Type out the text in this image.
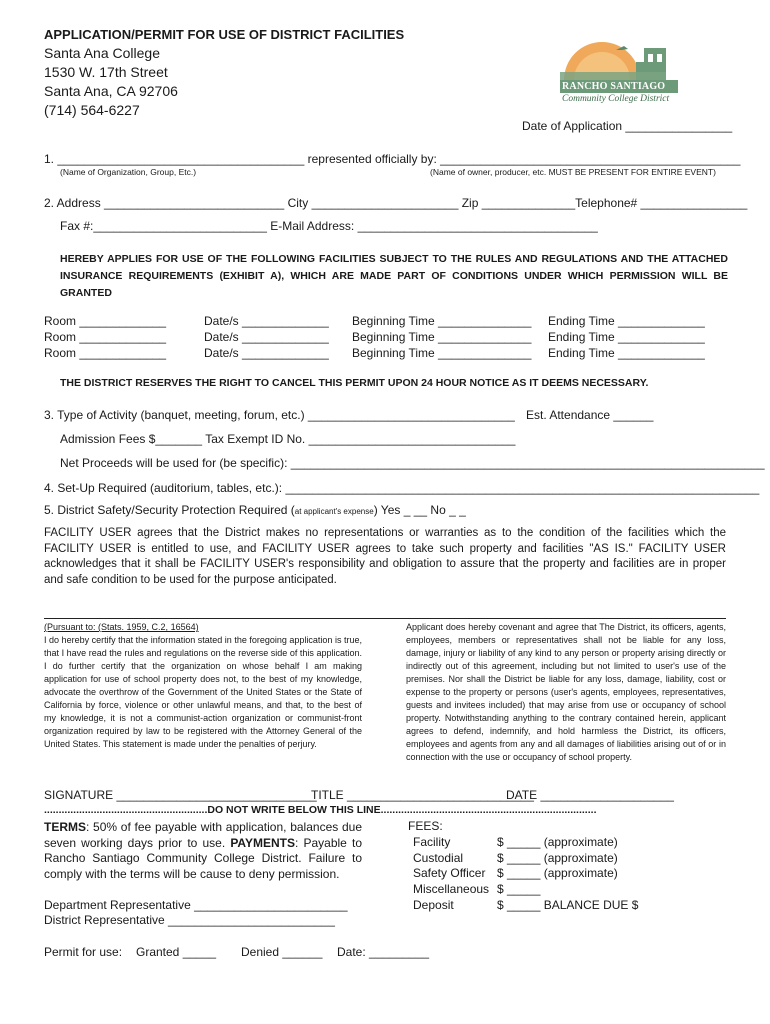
APPLICATION/PERMIT FOR USE OF DISTRICT FACILITIES
Santa Ana College
1530 W. 17th Street
Santa Ana, CA 92706
(714) 564-6227
RANCHO SANTIAGO
Community College District
Date of Application ________________
1. _____________________________________ represented officially by: _____________________________________________
(Name of Organization, Group, Etc.)	(Name of owner, producer, etc. MUST BE PRESENT FOR ENTIRE EVENT)
2. Address ___________________________ City ______________________ Zip ______________Telephone# ________________
Fax #:__________________________ E-Mail Address: ____________________________________
HEREBY APPLIES FOR USE OF THE FOLLOWING FACILITIES SUBJECT TO THE RULES AND REGULATIONS AND THE ATTACHED INSURANCE REQUIREMENTS (EXHIBIT A), WHICH ARE MADE PART OF CONDITIONS UNDER WHICH PERMISSION WILL BE GRANTED
Room _____________
Room _____________
Room _____________
Date/s _____________
Date/s _____________
Date/s _____________
Beginning Time ______________
Beginning Time ______________
Beginning Time ______________
Ending Time _____________
Ending Time _____________
Ending Time _____________
THE DISTRICT RESERVES THE RIGHT TO CANCEL THIS PERMIT UPON 24 HOUR NOTICE AS IT DEEMS NECESSARY.
3. Type of Activity (banquet, meeting, forum, etc.) _______________________________ Est. Attendance ______
Admission Fees $_______ Tax Exempt ID No. _______________________________
Net Proceeds will be used for (be specific): _______________________________________________________________________
4. Set-Up Required (auditorium, tables, etc.): _______________________________________________________________________
5. District Safety/Security Protection Required (at applicant's expense) Yes _ __ No _ _
FACILITY USER agrees that the District makes no representations or warranties as to the condition of the facilities which the FACILITY USER is entitled to use, and FACILITY USER agrees to take such property and facilities "AS IS." FACILITY USER acknowledges that it shall be FACILITY USER's responsibility and obligation to assure that the property and facilities are in proper and safe condition to be used for the purpose anticipated.
(Pursuant to: (Stats. 1959, C.2, 16564)
I do hereby certify that the information stated in the foregoing application is true, that I have read the rules and regulations on the reverse side of this application. I do further certify that the organization on whose behalf I am making application for use of school property does not, to the best of my knowledge, advocate the overthrow of the Government of the United States or the State of California by force, violence or other unlawful means, and that, to the best of my knowledge, it is not a communist-action organization or communist-front organization required by law to be registered with the Attorney General of the United States. This statement is made under the penalties of perjury.
Applicant does hereby covenant and agree that The District, its officers, agents, employees, members or representatives shall not be liable for any loss, damage, injury or liability of any kind to any person or property arising directly or indirectly out of this agreement, including but not limited to user's use of the premises. Nor shall the District be liable for any loss, damage, liability, cost or expense to the property or persons (user's agents, employees, representatives, guests and invitees included) that may arise from use or occupancy of school property. Notwithstanding anything to the contrary contained herein, applicant agrees to defend, indemnify, and hold harmless the District, its officers, employees and agents from any and all damages of liabilities arising out of or in connection with the use or occupancy of school property.
SIGNATURE ______________________________
TITLE ____________________________
DATE ____________________
........................................................DO NOT WRITE BELOW THIS LINE..........................................................................
TERMS: 50% of fee payable with application, balances due seven working days prior to use. PAYMENTS: Payable to Rancho Santiago Community College District. Failure to comply with the terms will be cause to deny permission.
FEES:
Facility
Custodial
Safety Officer
Miscellaneous
Deposit
$ _____ (approximate)
$ _____ (approximate)
$ _____ (approximate)
$ _____
$ _____ BALANCE DUE $
Department Representative _______________________
District Representative _________________________
Permit for use: Granted _____ Denied ______ Date: _________
